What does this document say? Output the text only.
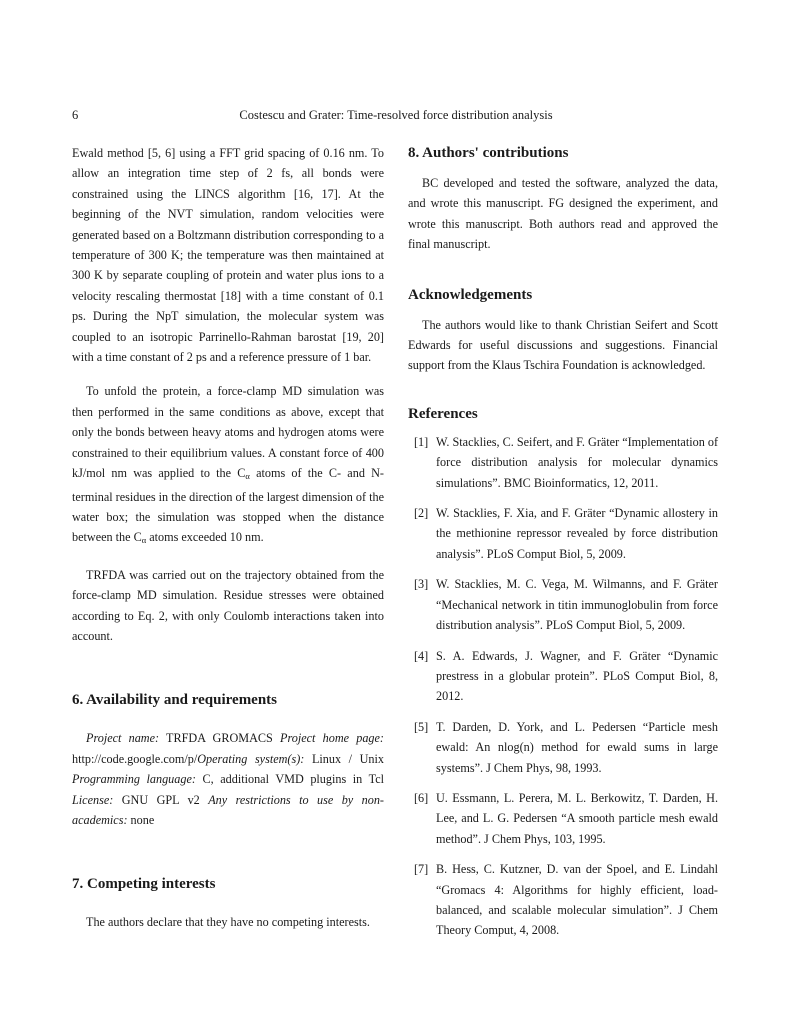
6	Costescu and Grater: Time-resolved force distribution analysis

Ewald method [5, 6] using a FFT grid spacing of 0.16 nm. To allow an integration time step of 2 fs, all bonds were constrained using the LINCS algorithm [16, 17]. At the beginning of the NVT simulation, random velocities were generated based on a Boltzmann distribution corresponding to a temperature of 300 K; the temperature was then maintained at 300 K by separate coupling of protein and water plus ions to a velocity rescaling thermostat [18] with a time constant of 0.1 ps. During the NpT simulation, the molecular system was coupled to an isotropic Parrinello-Rahman barostat [19, 20] with a time constant of 2 ps and a reference pressure of 1 bar.

To unfold the protein, a force-clamp MD simulation was then performed in the same conditions as above, except that only the bonds between heavy atoms and hydrogen atoms were constrained to their equilibrium values. A constant force of 400 kJ/mol nm was applied to the $C_\alpha$ atoms of the C- and N-terminal residues in the direction of the largest dimension of the water box; the simulation was stopped when the distance between the $C_\alpha$ atoms exceeded 10 nm.

TRFDA was carried out on the trajectory obtained from the force-clamp MD simulation. Residue stresses were obtained according to Eq. 2, with only Coulomb interactions taken into account.

6. Availability and requirements

Project name: TRFDA GROMACS Project home page: http://code.google.com/p/Operating system(s): Linux / Unix Programming language: C, additional VMD plugins in Tcl License: GNU GPL v2 Any restrictions to use by non-academics: none

7. Competing interests

The authors declare that they have no competing interests.

8. Authors' contributions

BC developed and tested the software, analyzed the data, and wrote this manuscript. FG designed the experiment, and wrote this manuscript. Both authors read and approved the final manuscript.

Acknowledgements

The authors would like to thank Christian Seifert and Scott Edwards for useful discussions and suggestions. Financial support from the Klaus Tschira Foundation is acknowledged.

References
[1] W. Stacklies, C. Seifert, and F. Gräter “Implementation of force distribution analysis for molecular dynamics simulations”. BMC Bioinformatics, 12, 2011.
[2] W. Stacklies, F. Xia, and F. Gräter “Dynamic allostery in the methionine repressor revealed by force distribution analysis”. PLoS Comput Biol, 5, 2009.
[3] W. Stacklies, M. C. Vega, M. Wilmanns, and F. Gräter “Mechanical network in titin immunoglobulin from force distribution analysis”. PLoS Comput Biol, 5, 2009.
[4] S. A. Edwards, J. Wagner, and F. Gräter “Dynamic prestress in a globular protein”. PLoS Comput Biol, 8, 2012.
[5] T. Darden, D. York, and L. Pedersen “Particle mesh ewald: An nlog(n) method for ewald sums in large systems”. J Chem Phys, 98, 1993.
[6] U. Essmann, L. Perera, M. L. Berkowitz, T. Darden, H. Lee, and L. G. Pedersen “A smooth particle mesh ewald method”. J Chem Phys, 103, 1995.
[7] B. Hess, C. Kutzner, D. van der Spoel, and E. Lindahl “Gromacs 4: Algorithms for highly efficient, load-balanced, and scalable molecular simulation”. J Chem Theory Comput, 4, 2008.
